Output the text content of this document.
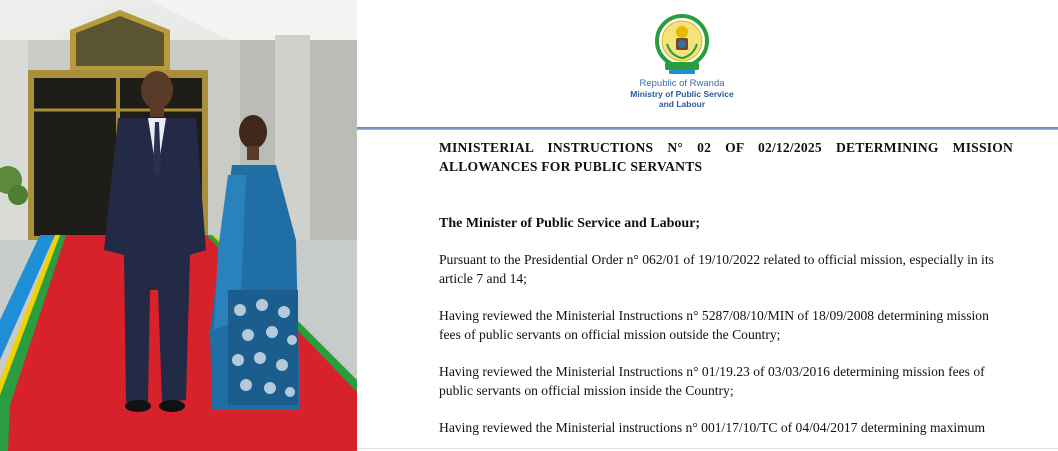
Republic of Rwanda
Ministry of Public Service
and Labour

MINISTERIAL INSTRUCTIONS N° 02 OF 02/12/2025 DETERMINING MISSION
ALLOWANCES FOR PUBLIC SERVANTS

The Minister of Public Service and Labour;

Pursuant to the Presidential Order n° 062/01 of 19/10/2022 related to official mission, especially in its article 7 and 14;

Having reviewed the Ministerial Instructions n° 5287/08/10/MIN of 18/09/2008 determining mission fees of public servants on official mission outside the Country;

Having reviewed the Ministerial Instructions n° 01/19.23 of 03/03/2016 determining mission fees of public servants on official mission inside the Country;

Having reviewed the Ministerial instructions n° 001/17/10/TC of 04/04/2017 determining maximum
